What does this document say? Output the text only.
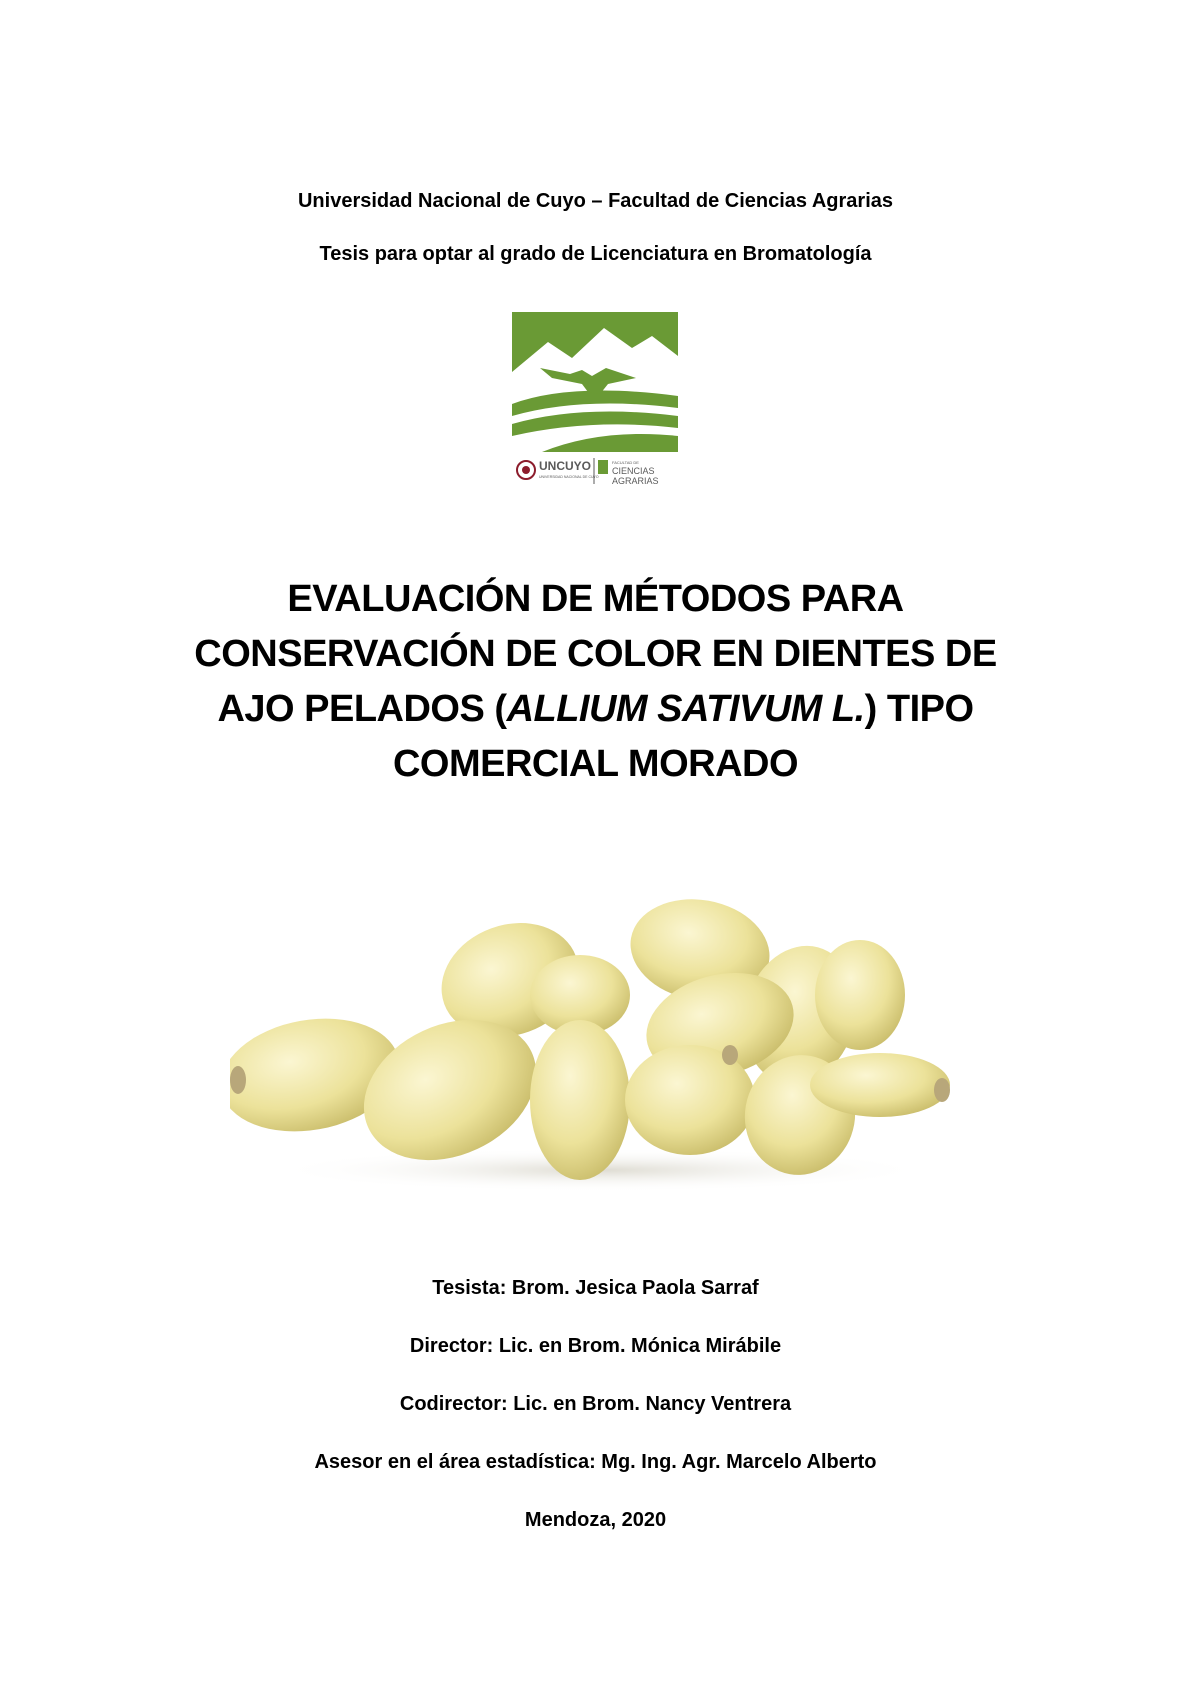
Universidad Nacional de Cuyo – Facultad de Ciencias Agrarias
Tesis para optar al grado de Licenciatura en Bromatología
UNCUYO
UNIVERSIDAD NACIONAL DE CUYO
FACULTAD DE
CIENCIAS
AGRARIAS
EVALUACIÓN DE MÉTODOS PARA
CONSERVACIÓN DE COLOR EN DIENTES DE
AJO PELADOS (ALLIUM SATIVUM L.) TIPO
COMERCIAL MORADO
Tesista: Brom. Jesica Paola Sarraf
Director: Lic. en Brom. Mónica Mirábile
Codirector: Lic. en Brom. Nancy Ventrera
Asesor en el área estadística: Mg. Ing. Agr. Marcelo Alberto
Mendoza, 2020
